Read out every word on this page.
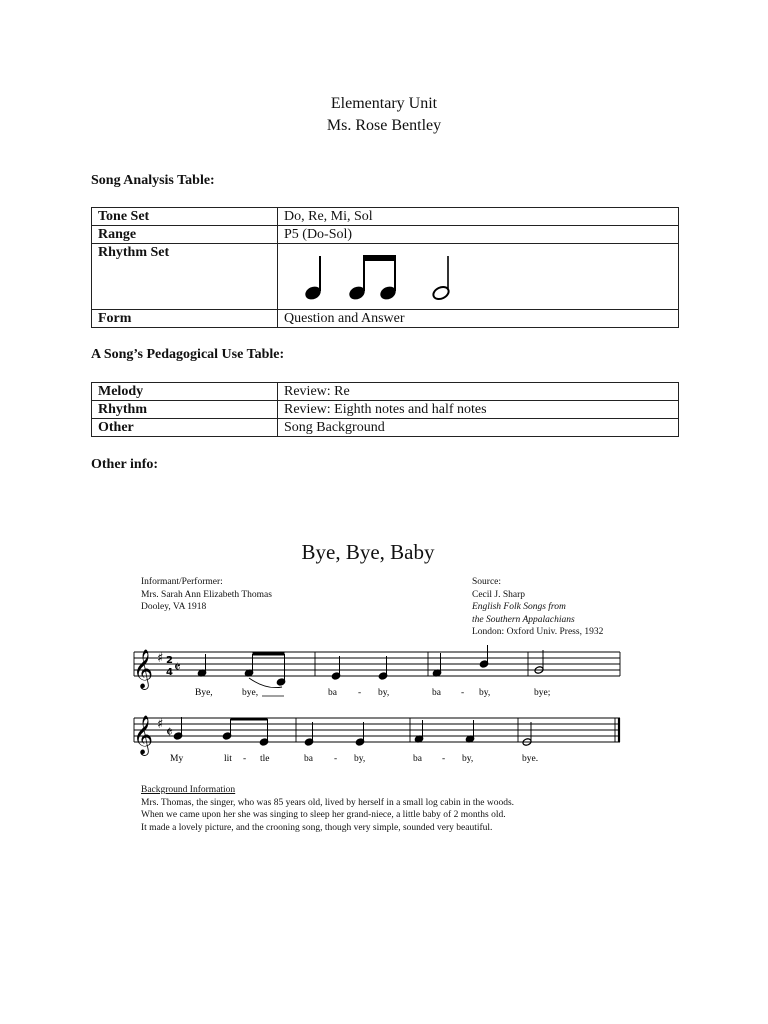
Elementary Unit
Ms. Rose Bentley
Song Analysis Table:
Tone Set	Do, Re, Mi, Sol
Range	P5 (Do-Sol)
Rhythm Set	

Form	Question and Answer
A Song’s Pedagogical Use Table:
Melody	Review: Re
Rhythm	Review: Eighth notes and half notes
Other	Song Background
Other info:
Bye, Bye, Baby
Informant/Performer:
Mrs. Sarah Ann Elizabeth Thomas
Dooley, VA 1918
Source:
Cecil J. Sharp
English Folk Songs from
the Southern Appalachians
London: Oxford Univ. Press, 1932
𝄞 ♯ 2
4 𝄵
Bye,	bye,	ba - by,	ba - by,	bye;
𝄞 ♯ 𝄵
My	lit - tle	ba - by,	ba - by,	bye.
Background Information
Mrs. Thomas, the singer, who was 85 years old, lived by herself in a small log cabin in the woods.
When we came upon her she was singing to sleep her grand-niece, a little baby of 2 months old.
It made a lovely picture, and the crooning song, though very simple, sounded very beautiful.
